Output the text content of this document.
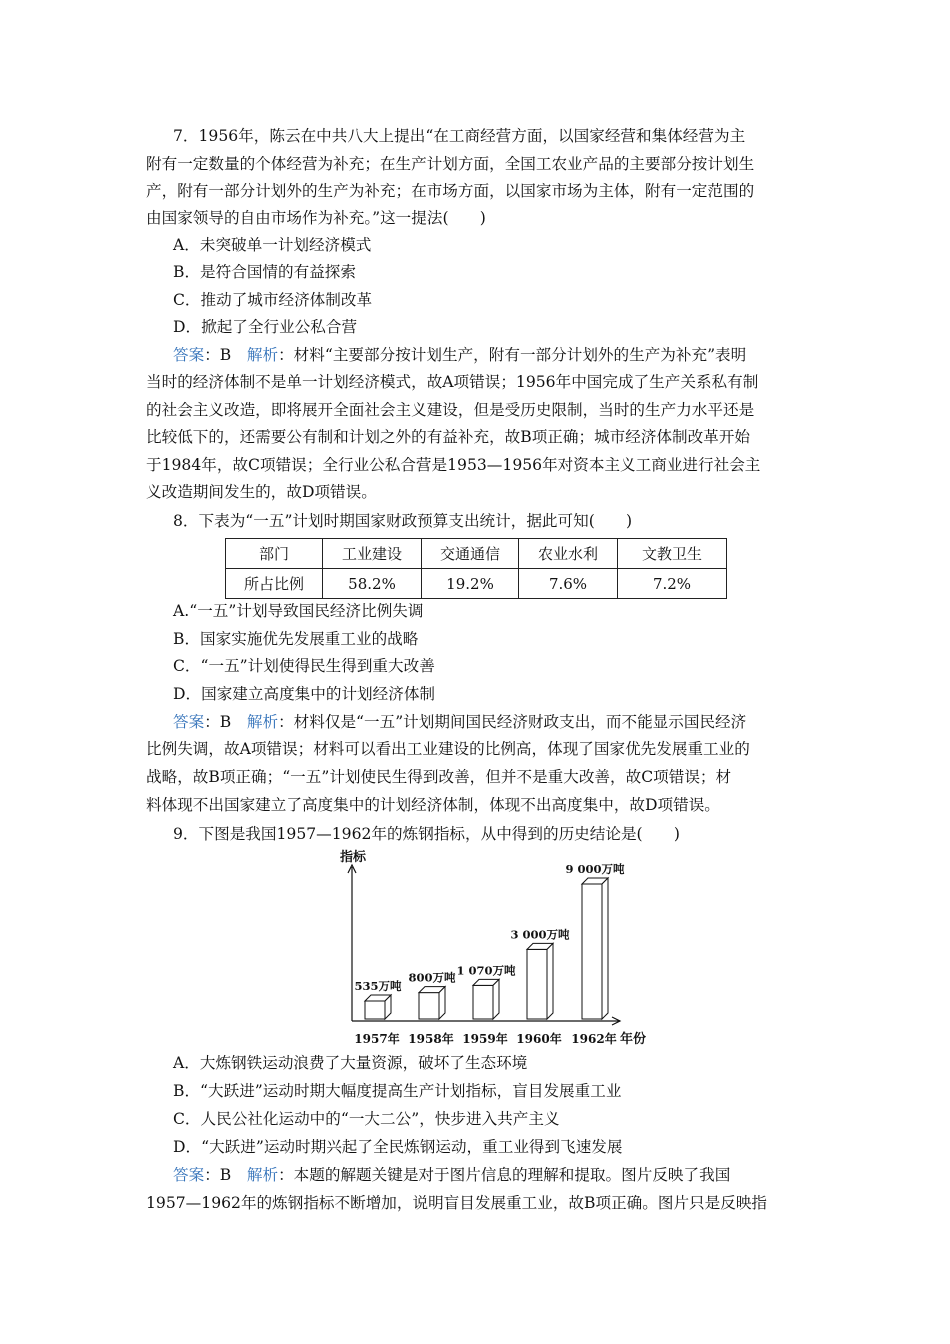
7．1956年，陈云在中共八大上提出“在工商经营方面，以国家经营和集体经营为主
附有一定数量的个体经营为补充；在生产计划方面，全国工农业产品的主要部分按计划生
产，附有一部分计划外的生产为补充；在市场方面，以国家市场为主体，附有一定范围的
由国家领导的自由市场作为补充。”这一提法(　　)
A．未突破单一计划经济模式
B．是符合国情的有益探索
C．推动了城市经济体制改革
D．掀起了全行业公私合营
答案：B　解析：材料“主要部分按计划生产，附有一部分计划外的生产为补充”表明
当时的经济体制不是单一计划经济模式，故A项错误；1956年中国完成了生产关系私有制
的社会主义改造，即将展开全面社会主义建设，但是受历史限制，当时的生产力水平还是
比较低下的，还需要公有制和计划之外的有益补充，故B项正确；城市经济体制改革开始
于1984年，故C项错误；全行业公私合营是1953—1956年对资本主义工商业进行社会主
义改造期间发生的，故D项错误。
8．下表为“一五”计划时期国家财政预算支出统计，据此可知(　　)
部门	工业建设	交通通信	农业水利	文教卫生
所占比例	58.2%	19.2%	7.6%	7.2%
A.“一五”计划导致国民经济比例失调
B．国家实施优先发展重工业的战略
C．“一五”计划使得民生得到重大改善
D．国家建立高度集中的计划经济体制
答案：B　解析：材料仅是“一五”计划期间国民经济财政支出，而不能显示国民经济
比例失调，故A项错误；材料可以看出工业建设的比例高，体现了国家优先发展重工业的
战略，故B项正确；“一五”计划使民生得到改善，但并不是重大改善，故C项错误；材
料体现不出国家建立了高度集中的计划经济体制，体现不出高度集中，故D项错误。
9．下图是我国1957—1962年的炼钢指标，从中得到的历史结论是(　　)
指标
年份
535万吨
1957年
800万吨
1958年
1 070万吨
1959年
3 000万吨
1960年
9 000万吨
1962年
A．大炼钢铁运动浪费了大量资源，破坏了生态环境
B．“大跃进”运动时期大幅度提高生产计划指标，盲目发展重工业
C．人民公社化运动中的“一大二公”，快步进入共产主义
D．“大跃进”运动时期兴起了全民炼钢运动，重工业得到飞速发展
答案：B　解析：本题的解题关键是对于图片信息的理解和提取。图片反映了我国
1957—1962年的炼钢指标不断增加，说明盲目发展重工业，故B项正确。图片只是反映指
